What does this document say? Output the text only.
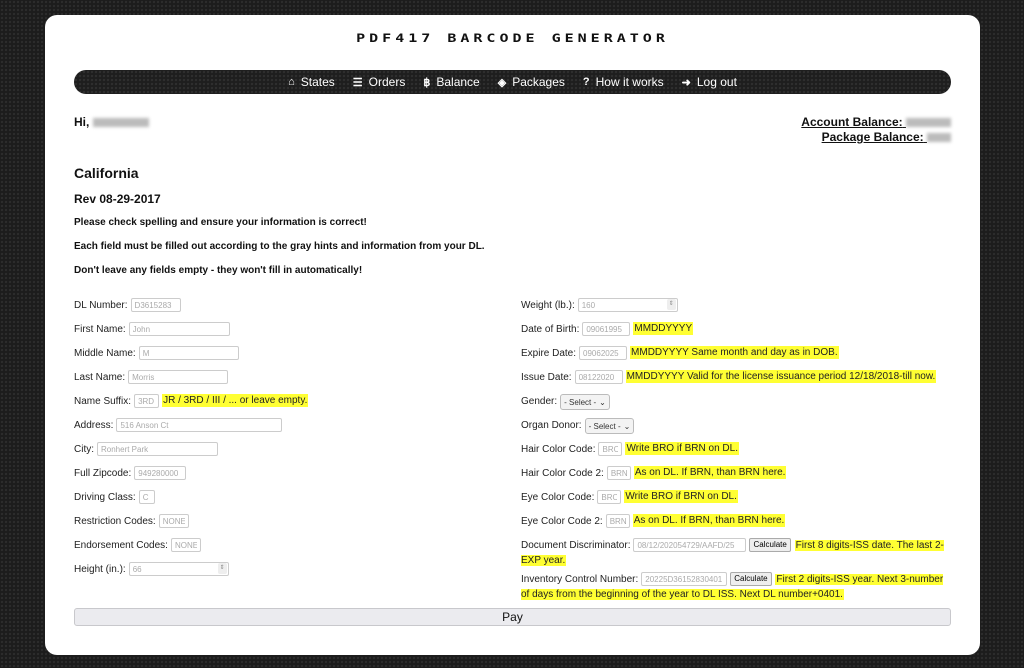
PDF417 BARCODE GENERATOR
⌂ States ☰ Orders ฿ Balance ◈ Packages ? How it works ➜ Log out
Hi,	Account Balance:
Package Balance:
California
Rev 08-29-2017
Please check spelling and ensure your information is correct!
Each field must be filled out according to the gray hints and information from your DL.
Don't leave any fields empty - they won't fill in automatically!
DL Number:
D3615283
First Name:
John
Middle Name:
M
Last Name:
Morris
Name Suffix:
3RD	JR / 3RD / III / ... or leave empty.
Address:
516 Anson Ct
City:
Ronhert Park
Full Zipcode:
949280000
Driving Class:
C
Restriction Codes:
NONE
Endorsement Codes:
NONE
Height (in.):
66	⇕
Weight (lb.):
160	⇕
Date of Birth:
09061995	MMDDYYYY
Expire Date:
09062025	MMDDYYYY Same month and day as in DOB.
Issue Date:
08122020	MMDDYYYY Valid for the license issuance period 12/18/2018-till now.
Gender: - Select - ⌄
Organ Donor: - Select - ⌄
Hair Color Code:
BRO	Write BRO if BRN on DL.
Hair Color Code 2:
BRN	As on DL. If BRN, than BRN here.
Eye Color Code:
BRO	Write BRO if BRN on DL.
Eye Color Code 2:
BRN	As on DL. If BRN, than BRN here.
Document Discriminator:08/12/202054729/AAFD/25	Calculate First 8 digits-ISS date. The last 2-EXP year.
Inventory Control Number:20225D36152830401	Calculate First 2 digits-ISS year. Next 3-number of days from the beginning of the year to DL ISS. Next DL number+0401.
Pay
